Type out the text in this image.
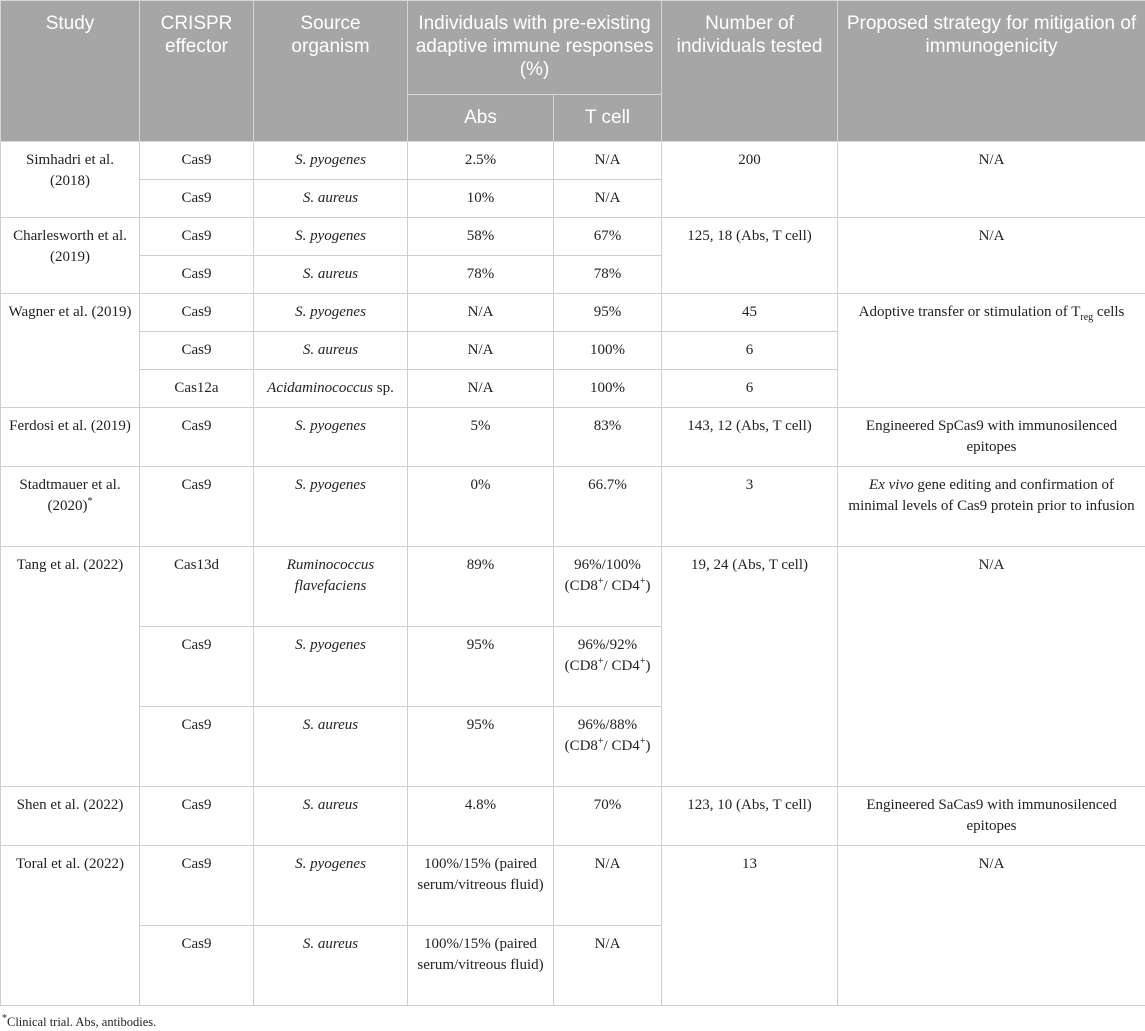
Study	CRISPR effector	Source organism	Individuals with pre-existing adaptive immune responses (%)		Number of individuals tested	Proposed strategy for mitigation of immunogenicity
			Abs	T cell		
Simhadri et al. (2018)	Cas9	S. pyogenes	2.5%	N/A	200	N/A
	Cas9	S. aureus	10%	N/A		
Charlesworth et al. (2019)	Cas9	S. pyogenes	58%	67%	125, 18 (Abs, T cell)	N/A
	Cas9	S. aureus	78%	78%		
Wagner et al. (2019)	Cas9	S. pyogenes	N/A	95%	45	Adoptive transfer or stimulation of $T_{reg}$ cells
	Cas9	S. aureus	N/A	100%	6	
	Cas12a	Acidaminococcus sp.	N/A	100%	6	
Ferdosi et al. (2019)	Cas9	S. pyogenes	5%	83%	143, 12 (Abs, T cell)	Engineered SpCas9 with immunosilenced epitopes
Stadtmauer et al. (2020)*	Cas9	S. pyogenes	0%	66.7%	3	Ex vivo gene editing and confirmation of minimal levels of Cas9 protein prior to infusion
Tang et al. (2022)	Cas13d	Ruminococcus flavefaciens	89%	96%/100% (CD8+/ CD4+)	19, 24 (Abs, T cell)	N/A
	Cas9	S. pyogenes	95%	96%/92% (CD8+/ CD4+)		
	Cas9	S. aureus	95%	96%/88% (CD8+/ CD4+)		
Shen et al. (2022)	Cas9	S. aureus	4.8%	70%	123, 10 (Abs, T cell)	Engineered SaCas9 with immunosilenced epitopes
Toral et al. (2022)	Cas9	S. pyogenes	100%/15% (paired serum/vitreous fluid)	N/A	13	N/A
	Cas9	S. aureus	100%/15% (paired serum/vitreous fluid)	N/A		
*Clinical trial. Abs, antibodies.
